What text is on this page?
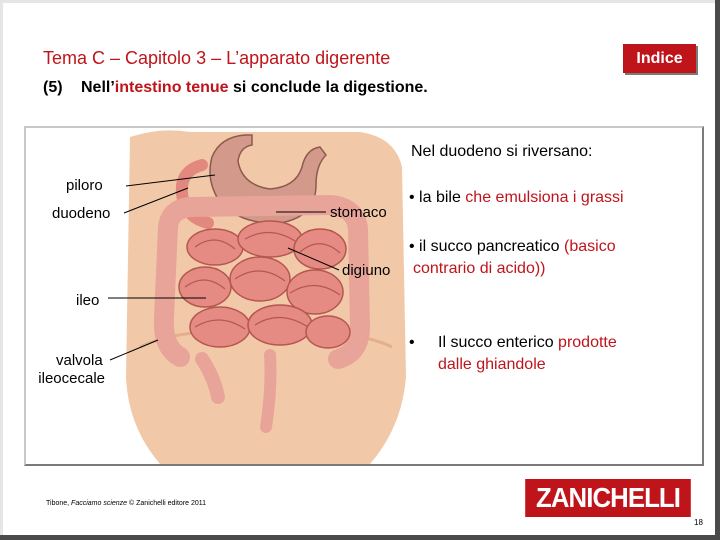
Tema C – Capitolo 3 – L’apparato digerente	Indice
(5) Nell’intestino tenue si conclude la digestione.
piloro
duodeno	stomaco
digiuno
ileo
valvola
ileocecale
Nel duodeno si riversano:
• la bile che emulsiona i grassi
• il succo pancreatico (basico
contrario di acido))
• Il succo enterico prodotte
dalle ghiandole
Tibone, Facciamo scienze © Zanichelli editore 2011	ZANICHELLI
18
